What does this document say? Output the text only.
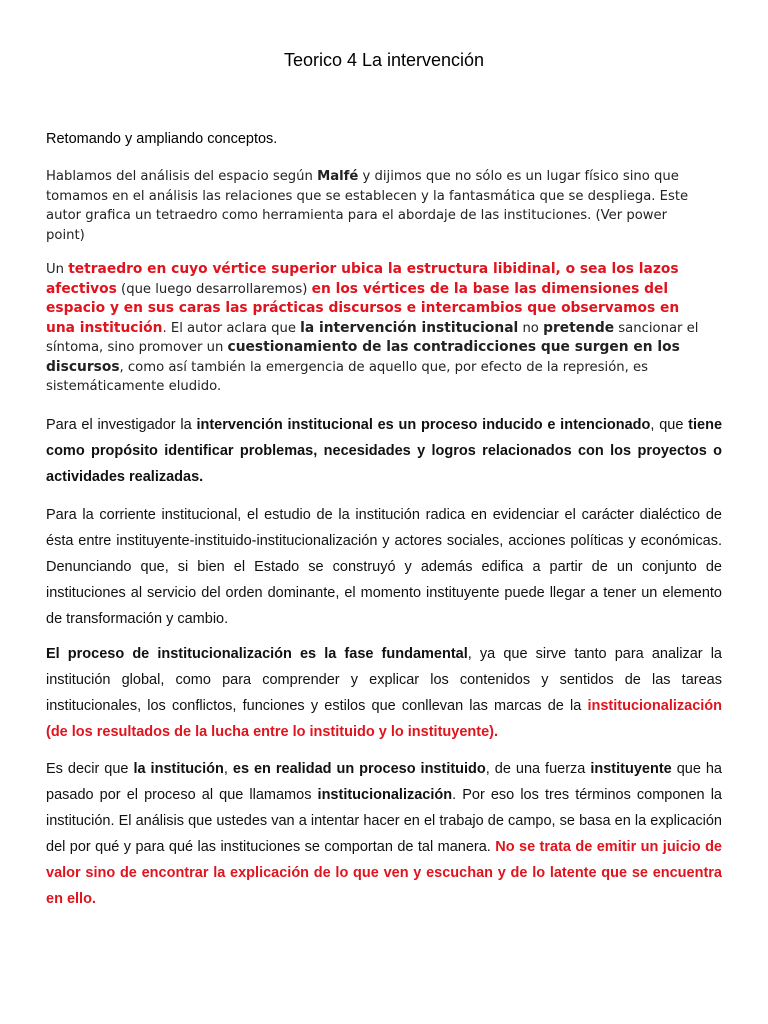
Teorico 4 La intervención
Retomando y ampliando conceptos.

Hablamos del análisis del espacio según Malfé y dijimos que no sólo es un lugar físico sino que tomamos en el análisis las relaciones que se establecen y la fantasmática que se despliega. Este autor grafica un tetraedro como herramienta para el abordaje de las instituciones. (Ver power point)

Un tetraedro en cuyo vértice superior ubica la estructura libidinal, o sea los lazos afectivos (que luego desarrollaremos) en los vértices de la base las dimensiones del espacio y en sus caras las prácticas discursos e intercambios que observamos en una institución. El autor aclara que la intervención institucional no pretende sancionar el síntoma, sino promover un cuestionamiento de las contradicciones que surgen en los discursos, como así también la emergencia de aquello que, por efecto de la represión, es sistemáticamente eludido.

Para el investigador la intervención institucional es un proceso inducido e intencionado, que tiene como propósito identificar problemas, necesidades y logros relacionados con los proyectos o actividades realizadas.

Para la corriente institucional, el estudio de la institución radica en evidenciar el carácter dialéctico de ésta entre instituyente-instituido-institucionalización y actores sociales, acciones políticas y económicas. Denunciando que, si bien el Estado se construyó y además edifica a partir de un conjunto de instituciones al servicio del orden dominante, el momento instituyente puede llegar a tener un elemento de transformación y cambio.

El proceso de institucionalización es la fase fundamental, ya que sirve tanto para analizar la institución global, como para comprender y explicar los contenidos y sentidos de las tareas institucionales, los conflictos, funciones y estilos que conllevan las marcas de la institucionalización (de los resultados de la lucha entre lo instituido y lo instituyente).

Es decir que la institución, es en realidad un proceso instituido, de una fuerza instituyente que ha pasado por el proceso al que llamamos institucionalización. Por eso los tres términos componen la institución. El análisis que ustedes van a intentar hacer en el trabajo de campo, se basa en la explicación del por qué y para qué las instituciones se comportan de tal manera. No se trata de emitir un juicio de valor sino de encontrar la explicación de lo que ven y escuchan y de lo latente que se encuentra en ello.
